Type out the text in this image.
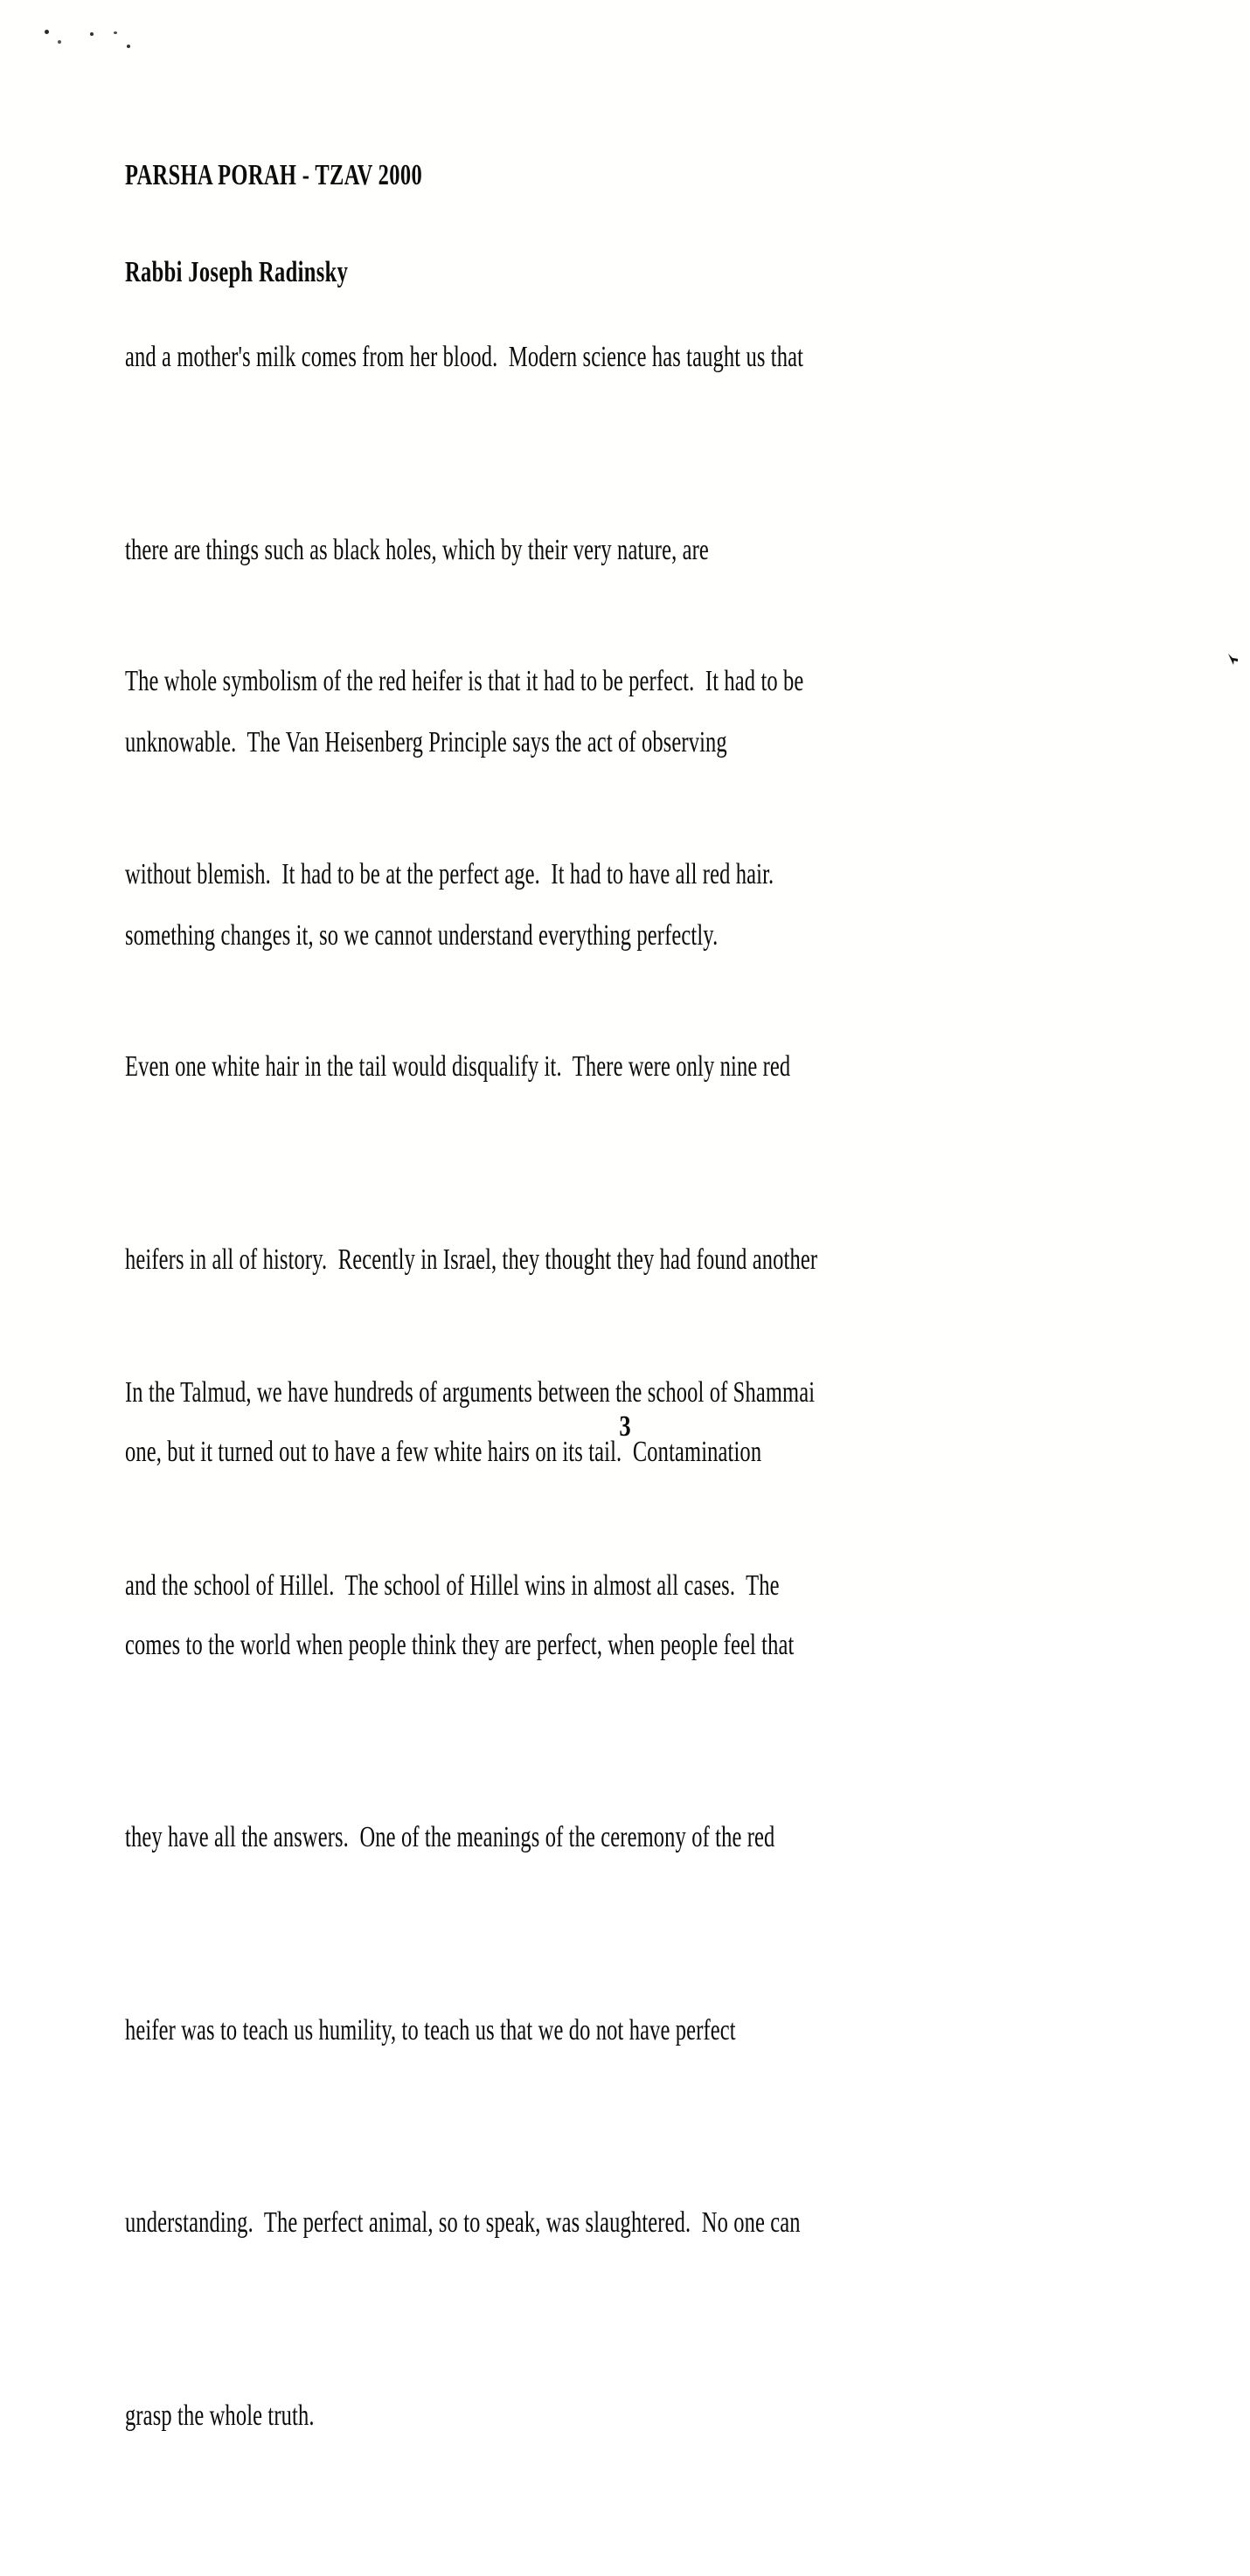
PARSHA PORAH - TZAV 2000

Rabbi Joseph Radinsky

and a mother's milk comes from her blood.  Modern science has taught us that

there are things such as black holes, which by their very nature, are

unknowable.  The Van Heisenberg Principle says the act of observing

something changes it, so we cannot understand everything perfectly.

The whole symbolism of the red heifer is that it had to be perfect.  It had to be

without blemish.  It had to be at the perfect age.  It had to have all red hair.

Even one white hair in the tail would disqualify it.  There were only nine red

heifers in all of history.  Recently in Israel, they thought they had found another

one, but it turned out to have a few white hairs on its tail.  Contamination

comes to the world when people think they are perfect, when people feel that

they have all the answers.  One of the meanings of the ceremony of the red

heifer was to teach us humility, to teach us that we do not have perfect

understanding.  The perfect animal, so to speak, was slaughtered.  No one can

grasp the whole truth.

In the Talmud, we have hundreds of arguments between the school of Shammai

and the school of Hillel.  The school of Hillel wins in almost all cases.  The

3
